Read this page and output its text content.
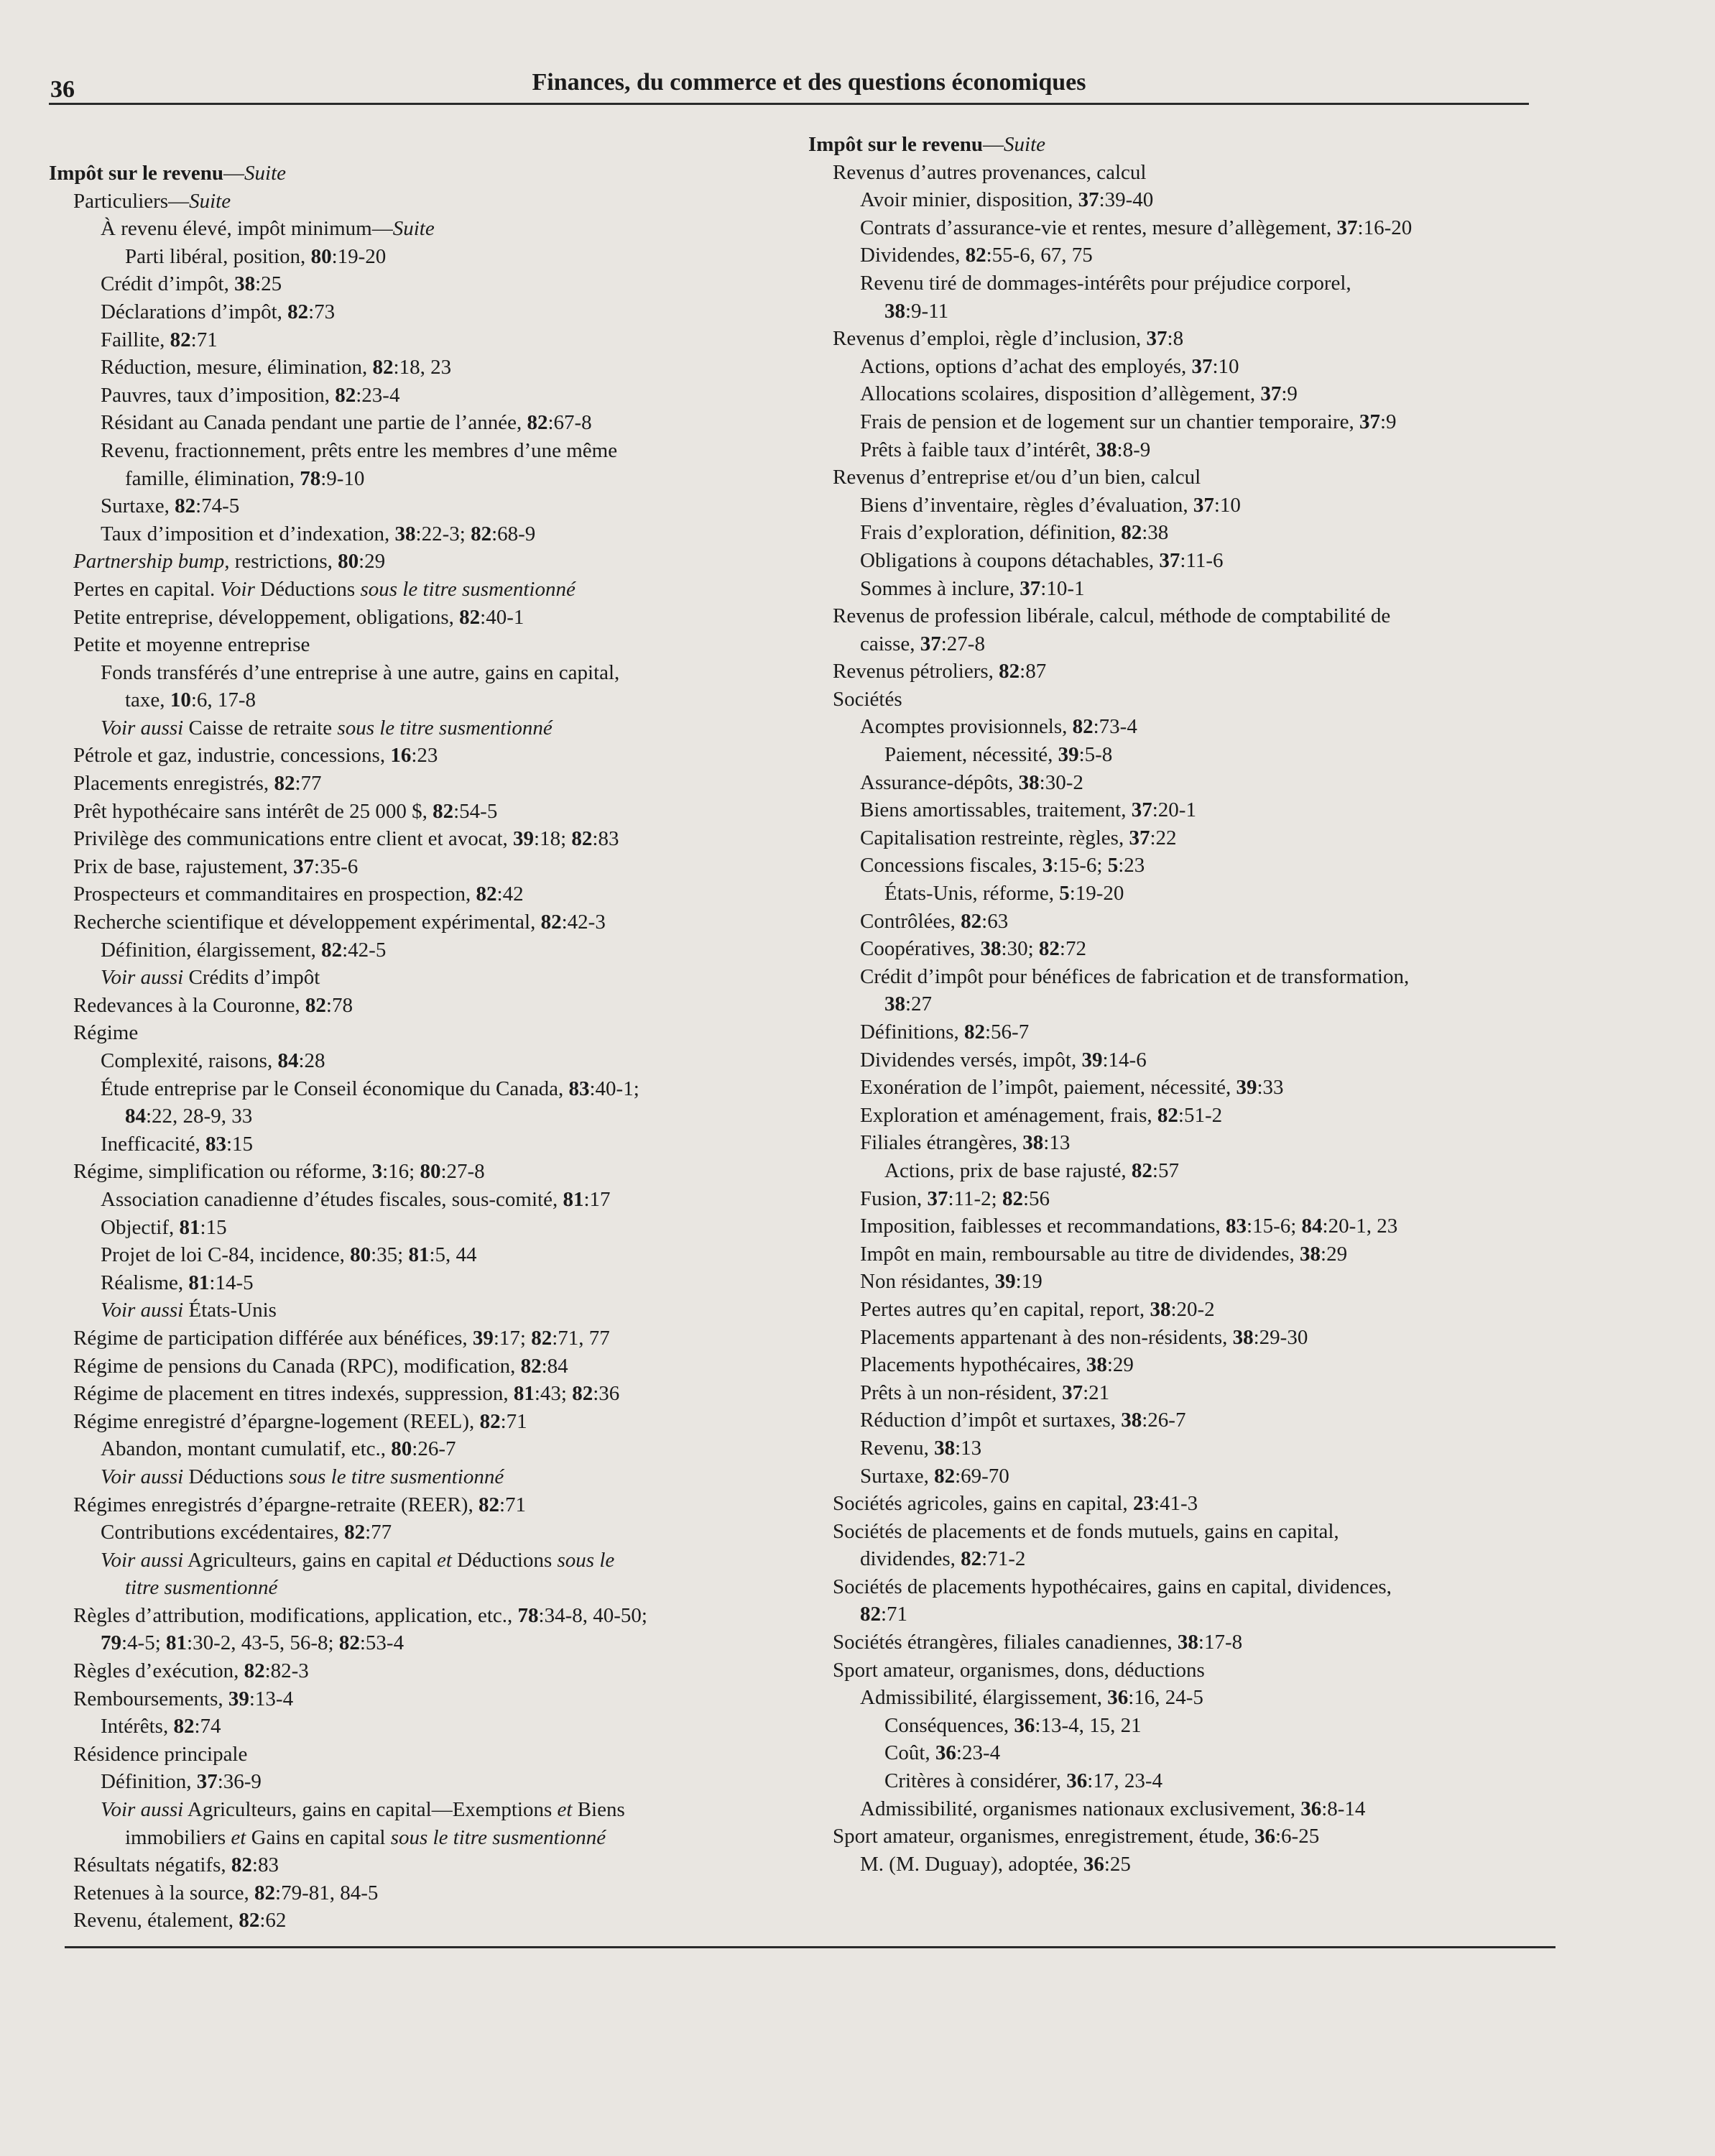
36	Finances, du commerce et des questions économiques
Impôt sur le revenu—Suite
Particuliers—Suite
À revenu élevé, impôt minimum—Suite
Parti libéral, position, 80:19-20
Crédit d’impôt, 38:25
Déclarations d’impôt, 82:73
Faillite, 82:71
Réduction, mesure, élimination, 82:18, 23
Pauvres, taux d’imposition, 82:23-4
Résidant au Canada pendant une partie de l’année, 82:67-8
Revenu, fractionnement, prêts entre les membres d’une même
famille, élimination, 78:9-10
Surtaxe, 82:74-5
Taux d’imposition et d’indexation, 38:22-3; 82:68-9
Partnership bump, restrictions, 80:29
Pertes en capital. Voir Déductions sous le titre susmentionné
Petite entreprise, développement, obligations, 82:40-1
Petite et moyenne entreprise
Fonds transférés d’une entreprise à une autre, gains en capital,
taxe, 10:6, 17-8
Voir aussi Caisse de retraite sous le titre susmentionné
Pétrole et gaz, industrie, concessions, 16:23
Placements enregistrés, 82:77
Prêt hypothécaire sans intérêt de 25 000 $, 82:54-5
Privilège des communications entre client et avocat, 39:18; 82:83
Prix de base, rajustement, 37:35-6
Prospecteurs et commanditaires en prospection, 82:42
Recherche scientifique et développement expérimental, 82:42-3
Définition, élargissement, 82:42-5
Voir aussi Crédits d’impôt
Redevances à la Couronne, 82:78
Régime
Complexité, raisons, 84:28
Étude entreprise par le Conseil économique du Canada, 83:40-1;
84:22, 28-9, 33
Inefficacité, 83:15
Régime, simplification ou réforme, 3:16; 80:27-8
Association canadienne d’études fiscales, sous-comité, 81:17
Objectif, 81:15
Projet de loi C-84, incidence, 80:35; 81:5, 44
Réalisme, 81:14-5
Voir aussi États-Unis
Régime de participation différée aux bénéfices, 39:17; 82:71, 77
Régime de pensions du Canada (RPC), modification, 82:84
Régime de placement en titres indexés, suppression, 81:43; 82:36
Régime enregistré d’épargne-logement (REEL), 82:71
Abandon, montant cumulatif, etc., 80:26-7
Voir aussi Déductions sous le titre susmentionné
Régimes enregistrés d’épargne-retraite (REER), 82:71
Contributions excédentaires, 82:77
Voir aussi Agriculteurs, gains en capital et Déductions sous le
titre susmentionné
Règles d’attribution, modifications, application, etc., 78:34-8, 40-50;
79:4-5; 81:30-2, 43-5, 56-8; 82:53-4
Règles d’exécution, 82:82-3
Remboursements, 39:13-4
Intérêts, 82:74
Résidence principale
Définition, 37:36-9
Voir aussi Agriculteurs, gains en capital—Exemptions et Biens
immobiliers et Gains en capital sous le titre susmentionné
Résultats négatifs, 82:83
Retenues à la source, 82:79-81, 84-5
Revenu, étalement, 82:62
Impôt sur le revenu—Suite
Revenus d’autres provenances, calcul
Avoir minier, disposition, 37:39-40
Contrats d’assurance-vie et rentes, mesure d’allègement, 37:16-20
Dividendes, 82:55-6, 67, 75
Revenu tiré de dommages-intérêts pour préjudice corporel,
38:9-11
Revenus d’emploi, règle d’inclusion, 37:8
Actions, options d’achat des employés, 37:10
Allocations scolaires, disposition d’allègement, 37:9
Frais de pension et de logement sur un chantier temporaire, 37:9
Prêts à faible taux d’intérêt, 38:8-9
Revenus d’entreprise et/ou d’un bien, calcul
Biens d’inventaire, règles d’évaluation, 37:10
Frais d’exploration, définition, 82:38
Obligations à coupons détachables, 37:11-6
Sommes à inclure, 37:10-1
Revenus de profession libérale, calcul, méthode de comptabilité de
caisse, 37:27-8
Revenus pétroliers, 82:87
Sociétés
Acomptes provisionnels, 82:73-4
Paiement, nécessité, 39:5-8
Assurance-dépôts, 38:30-2
Biens amortissables, traitement, 37:20-1
Capitalisation restreinte, règles, 37:22
Concessions fiscales, 3:15-6; 5:23
États-Unis, réforme, 5:19-20
Contrôlées, 82:63
Coopératives, 38:30; 82:72
Crédit d’impôt pour bénéfices de fabrication et de transformation,
38:27
Définitions, 82:56-7
Dividendes versés, impôt, 39:14-6
Exonération de l’impôt, paiement, nécessité, 39:33
Exploration et aménagement, frais, 82:51-2
Filiales étrangères, 38:13
Actions, prix de base rajusté, 82:57
Fusion, 37:11-2; 82:56
Imposition, faiblesses et recommandations, 83:15-6; 84:20-1, 23
Impôt en main, remboursable au titre de dividendes, 38:29
Non résidantes, 39:19
Pertes autres qu’en capital, report, 38:20-2
Placements appartenant à des non-résidents, 38:29-30
Placements hypothécaires, 38:29
Prêts à un non-résident, 37:21
Réduction d’impôt et surtaxes, 38:26-7
Revenu, 38:13
Surtaxe, 82:69-70
Sociétés agricoles, gains en capital, 23:41-3
Sociétés de placements et de fonds mutuels, gains en capital,
dividendes, 82:71-2
Sociétés de placements hypothécaires, gains en capital, dividences,
82:71
Sociétés étrangères, filiales canadiennes, 38:17-8
Sport amateur, organismes, dons, déductions
Admissibilité, élargissement, 36:16, 24-5
Conséquences, 36:13-4, 15, 21
Coût, 36:23-4
Critères à considérer, 36:17, 23-4
Admissibilité, organismes nationaux exclusivement, 36:8-14
Sport amateur, organismes, enregistrement, étude, 36:6-25
M. (M. Duguay), adoptée, 36:25
